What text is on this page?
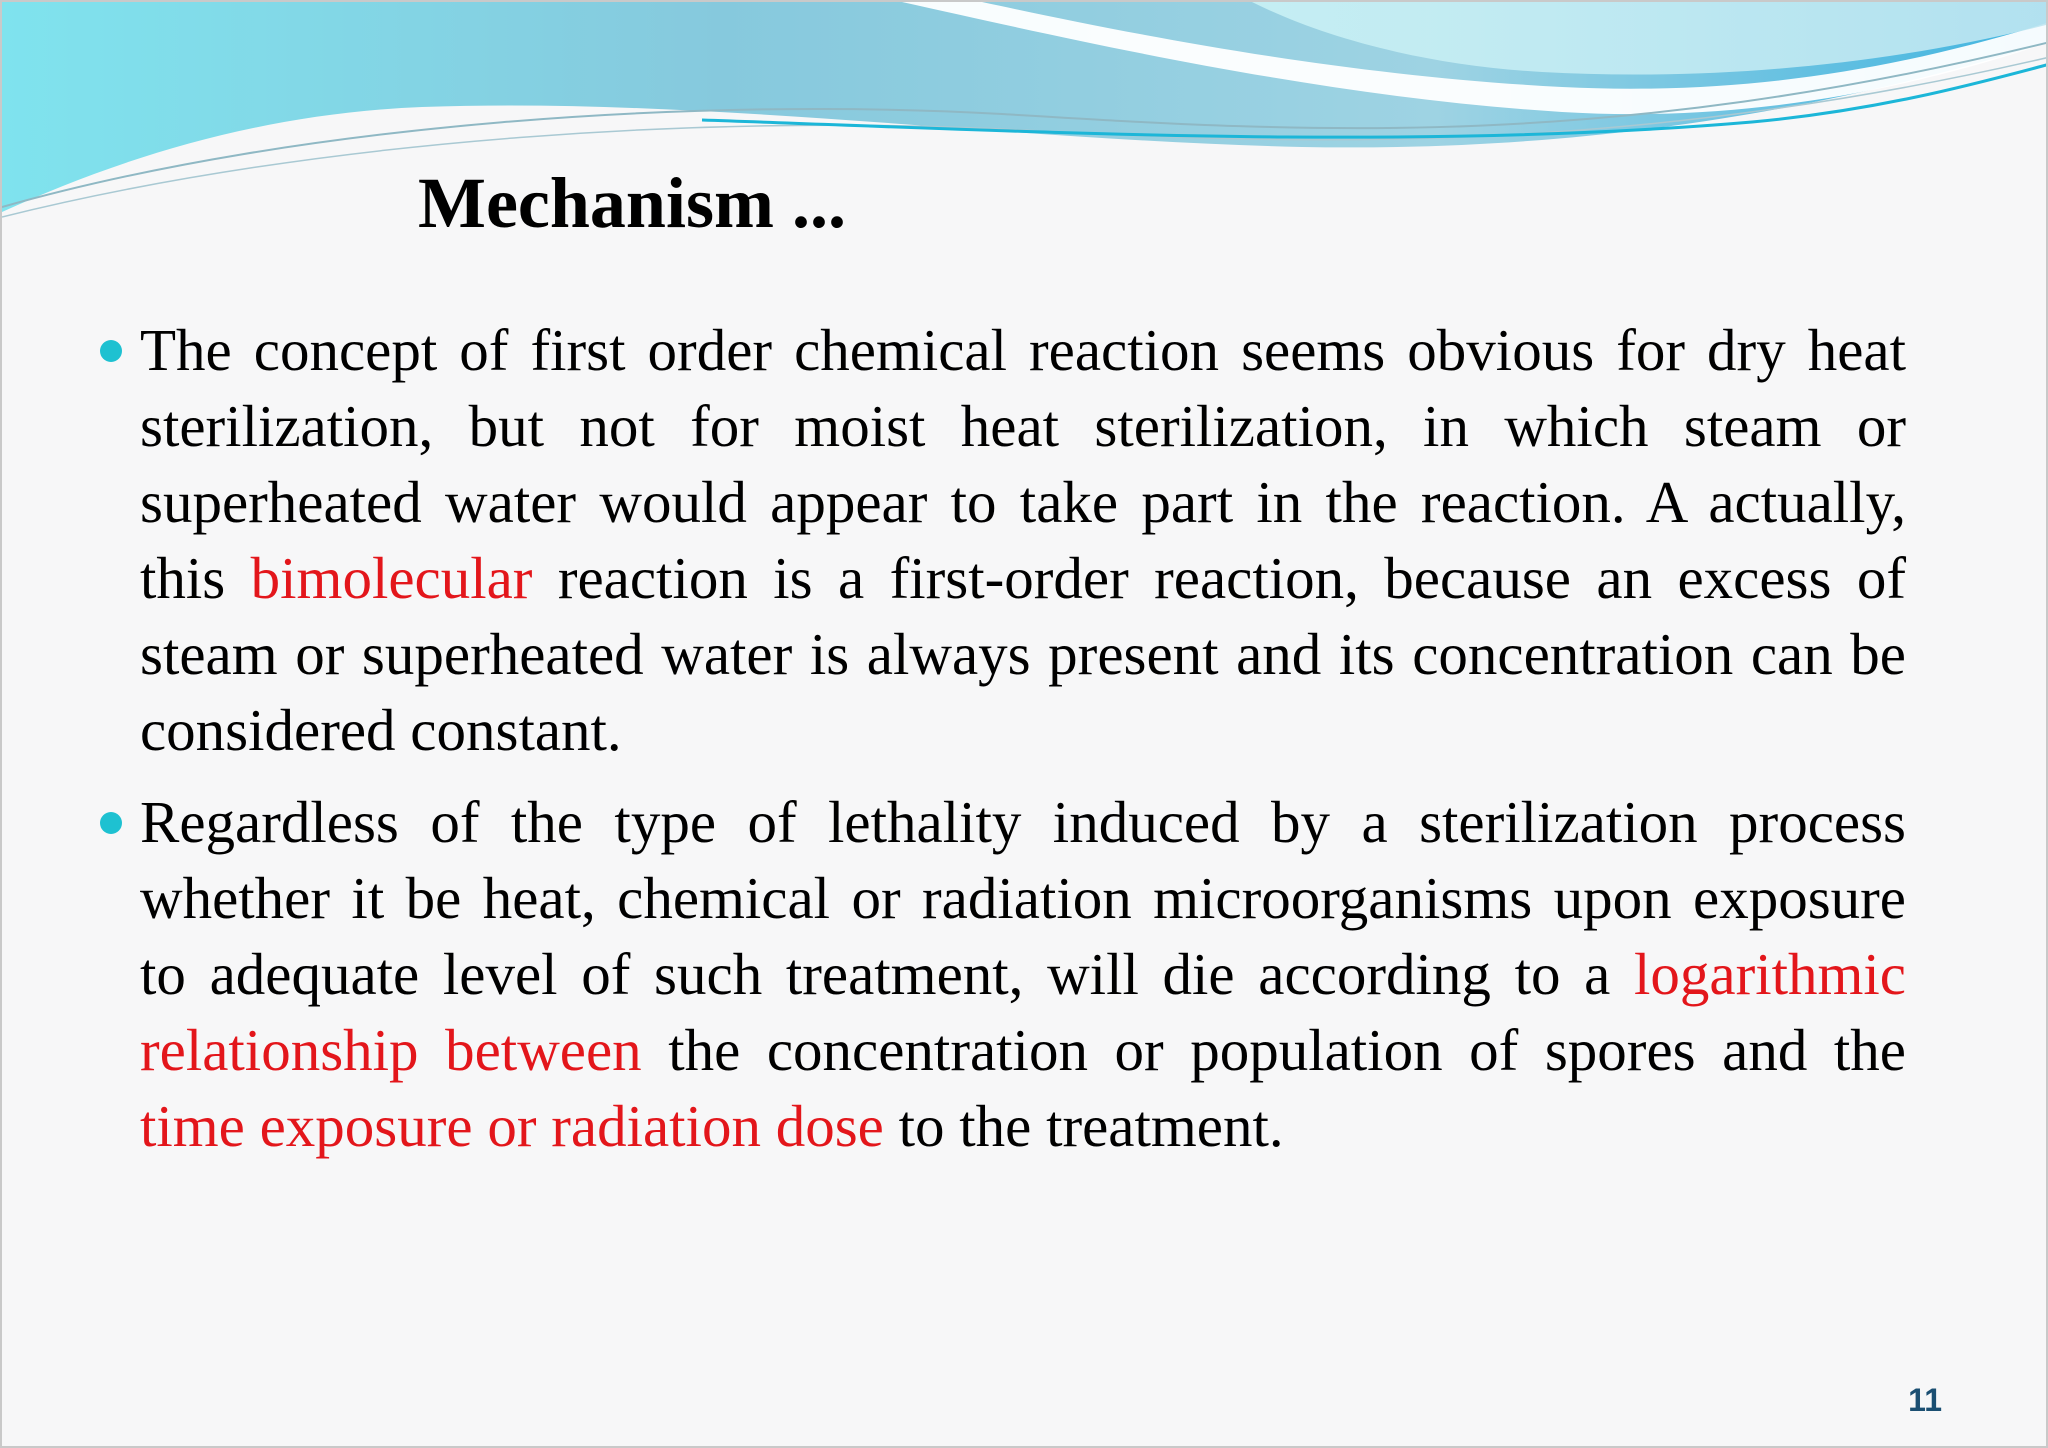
Mechanism ...

The concept of first order chemical reaction seems obvious for dry heat sterilization, but not for moist heat sterilization, in which steam or superheated water would appear to take part in the reaction. A actually, this bimolecular reaction is a first-order reaction, because an excess of steam or superheated water is always present and its concentration can be considered constant.

Regardless of the type of lethality induced by a sterilization process whether it be heat, chemical or radiation microorganisms upon exposure to adequate level of such treatment, will die according to a logarithmic relationship between the concentration or population of spores and the time exposure or radiation dose to the treatment.

11
